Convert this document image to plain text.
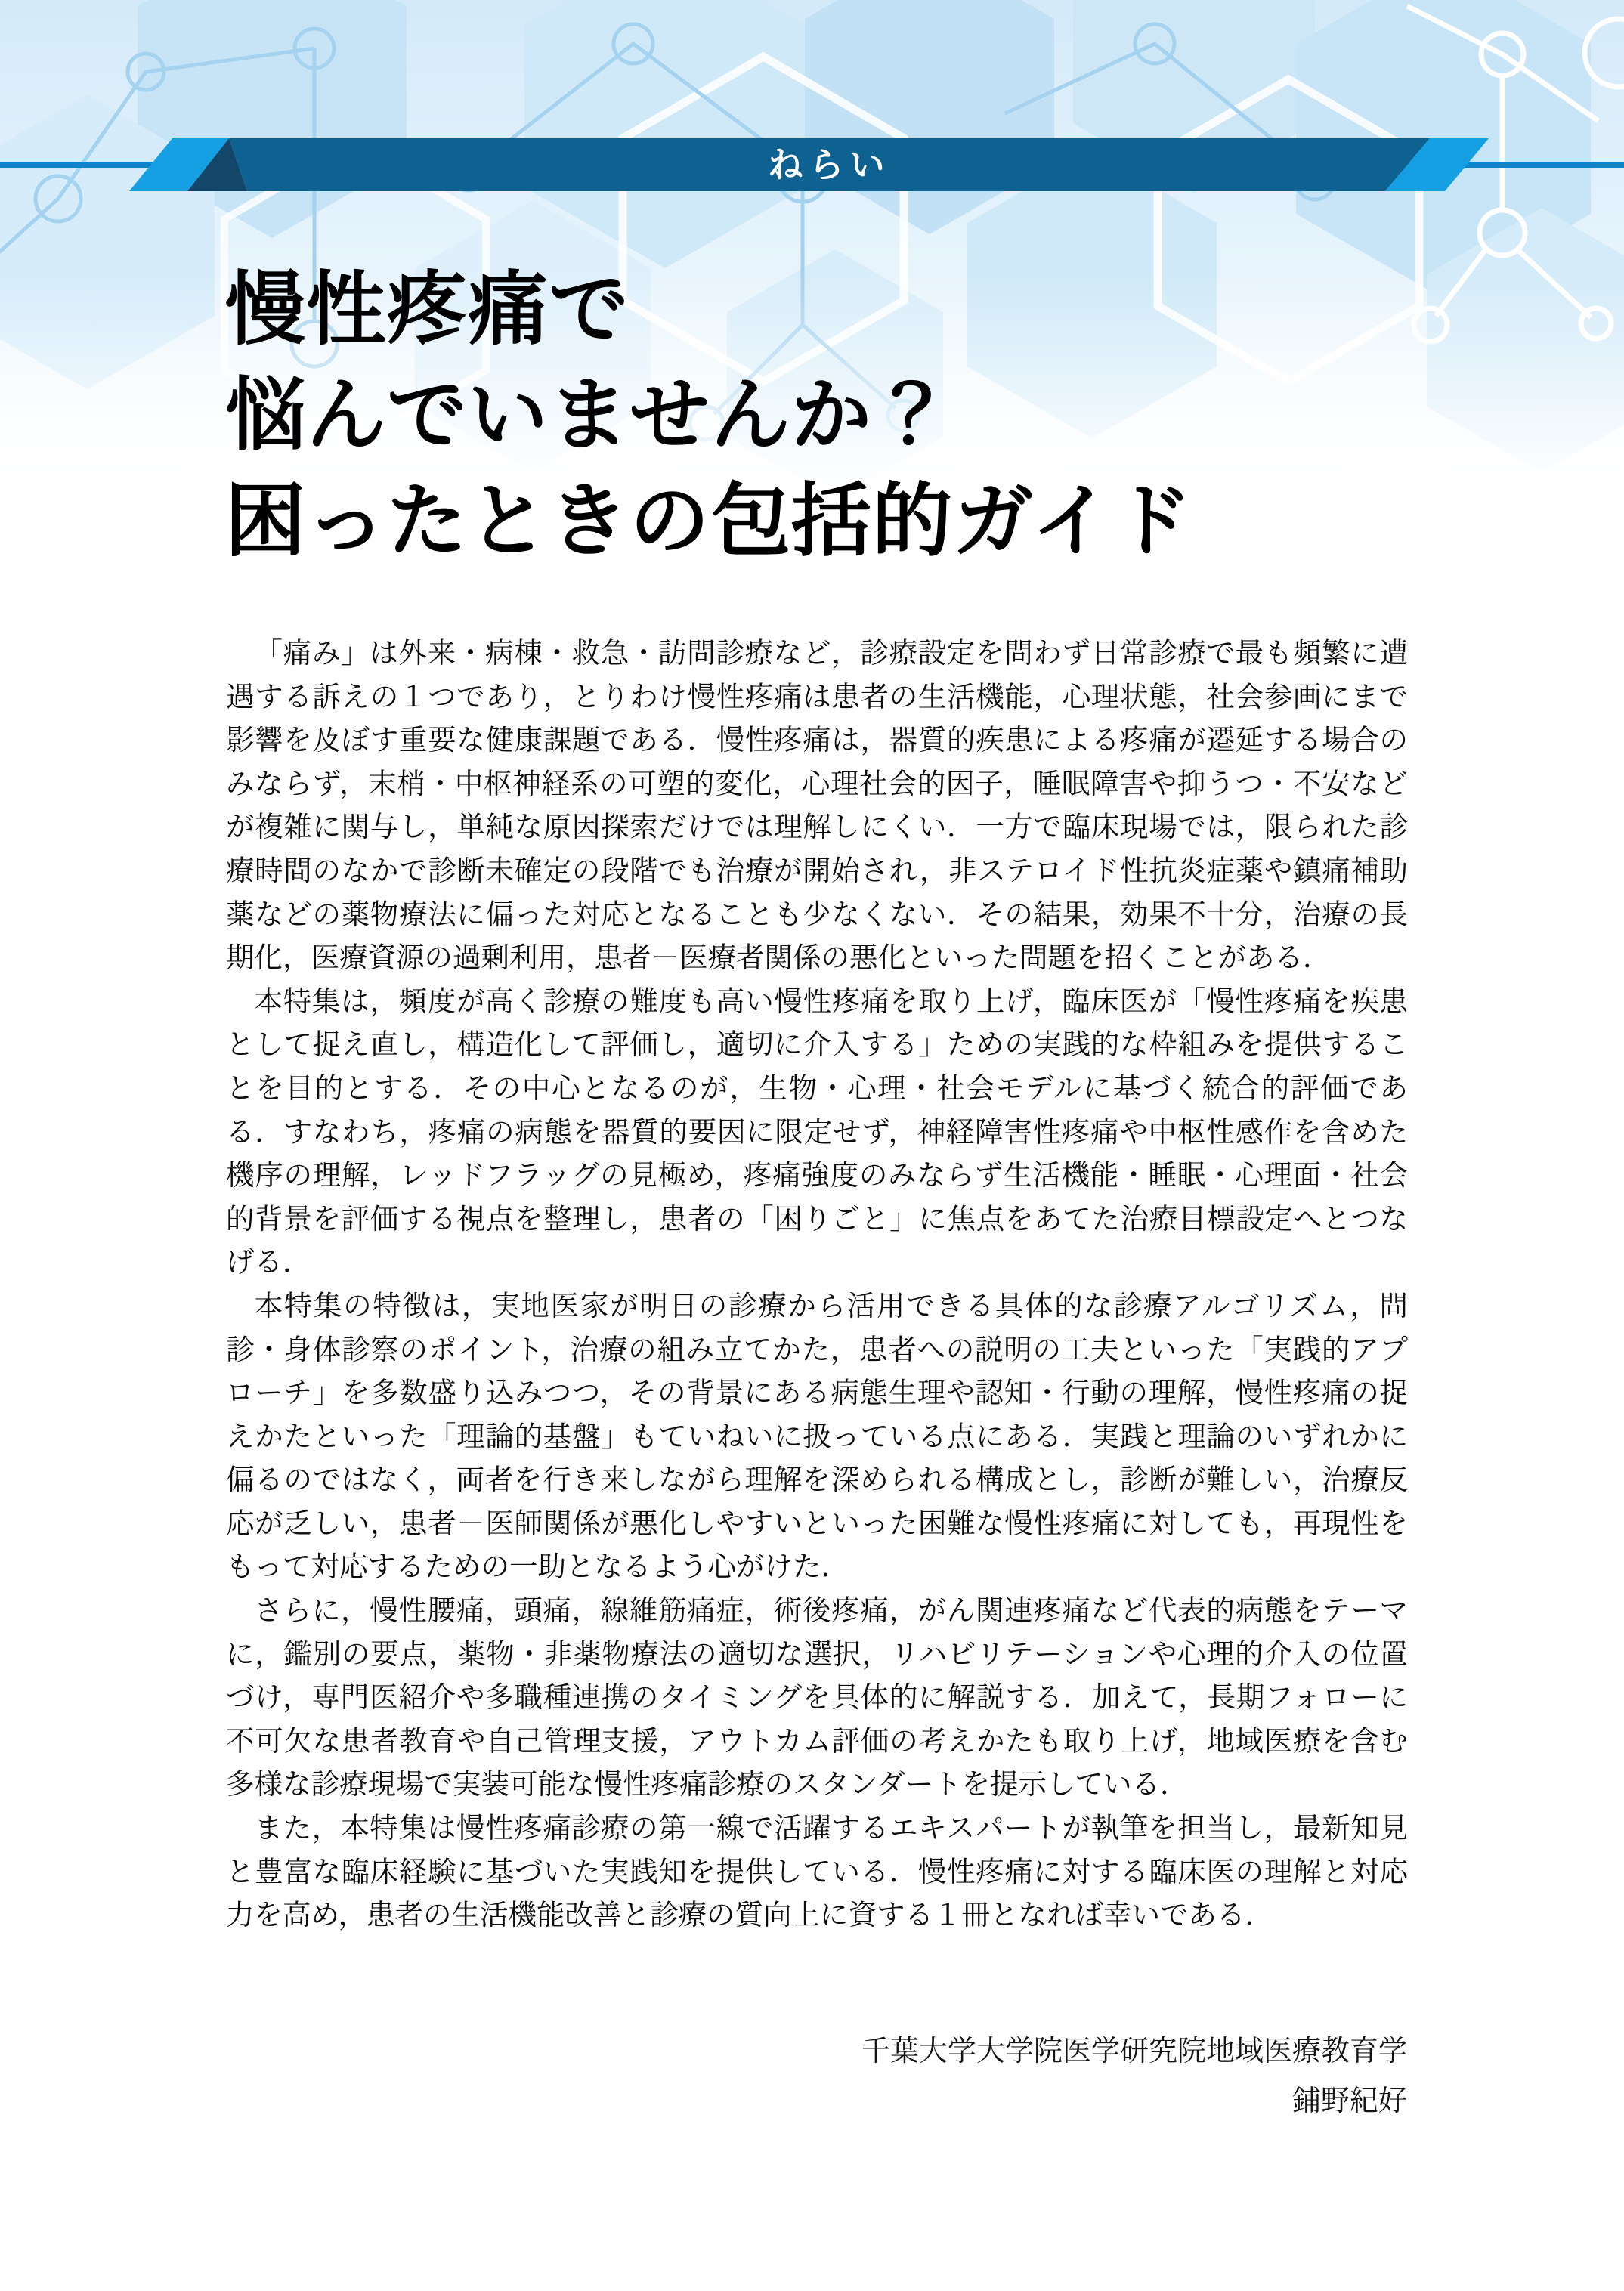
ねらい
慢性疼痛で
悩んでいませんか？
困ったときの包括的ガイド

「痛み」は外来・病棟・救急・訪問診療など，診療設定を問わず日常診療で最も頻繁に遭遇する訴えの１つであり，とりわけ慢性疼痛は患者の生活機能，心理状態，社会参画にまで影響を及ぼす重要な健康課題である．慢性疼痛は，器質的疾患による疼痛が遷延する場合のみならず，末梢・中枢神経系の可塑的変化，心理社会的因子，睡眠障害や抑うつ・不安などが複雑に関与し，単純な原因探索だけでは理解しにくい．一方で臨床現場では，限られた診療時間のなかで診断未確定の段階でも治療が開始され，非ステロイド性抗炎症薬や鎮痛補助薬などの薬物療法に偏った対応となることも少なくない．その結果，効果不十分，治療の長期化，医療資源の過剰利用，患者－医療者関係の悪化といった問題を招くことがある．

本特集は，頻度が高く診療の難度も高い慢性疼痛を取り上げ，臨床医が「慢性疼痛を疾患として捉え直し，構造化して評価し，適切に介入する」ための実践的な枠組みを提供することを目的とする．その中心となるのが，生物・心理・社会モデルに基づく統合的評価である．すなわち，疼痛の病態を器質的要因に限定せず，神経障害性疼痛や中枢性感作を含めた機序の理解，レッドフラッグの見極め，疼痛強度のみならず生活機能・睡眠・心理面・社会的背景を評価する視点を整理し，患者の「困りごと」に焦点をあてた治療目標設定へとつなげる．

本特集の特徴は，実地医家が明日の診療から活用できる具体的な診療アルゴリズム，問診・身体診察のポイント，治療の組み立てかた，患者への説明の工夫といった「実践的アプローチ」を多数盛り込みつつ，その背景にある病態生理や認知・行動の理解，慢性疼痛の捉えかたといった「理論的基盤」もていねいに扱っている点にある．実践と理論のいずれかに偏るのではなく，両者を行き来しながら理解を深められる構成とし，診断が難しい，治療反応が乏しい，患者－医師関係が悪化しやすいといった困難な慢性疼痛に対しても，再現性をもって対応するための一助となるよう心がけた．

さらに，慢性腰痛，頭痛，線維筋痛症，術後疼痛，がん関連疼痛など代表的病態をテーマに，鑑別の要点，薬物・非薬物療法の適切な選択，リハビリテーションや心理的介入の位置づけ，専門医紹介や多職種連携のタイミングを具体的に解説する．加えて，長期フォローに不可欠な患者教育や自己管理支援，アウトカム評価の考えかたも取り上げ，地域医療を含む多様な診療現場で実装可能な慢性疼痛診療のスタンダートを提示している．

また，本特集は慢性疼痛診療の第一線で活躍するエキスパートが執筆を担当し，最新知見と豊富な臨床経験に基づいた実践知を提供している．慢性疼痛に対する臨床医の理解と対応力を高め，患者の生活機能改善と診療の質向上に資する１冊となれば幸いである．

千葉大学大学院医学研究院地域医療教育学
鋪野紀好
